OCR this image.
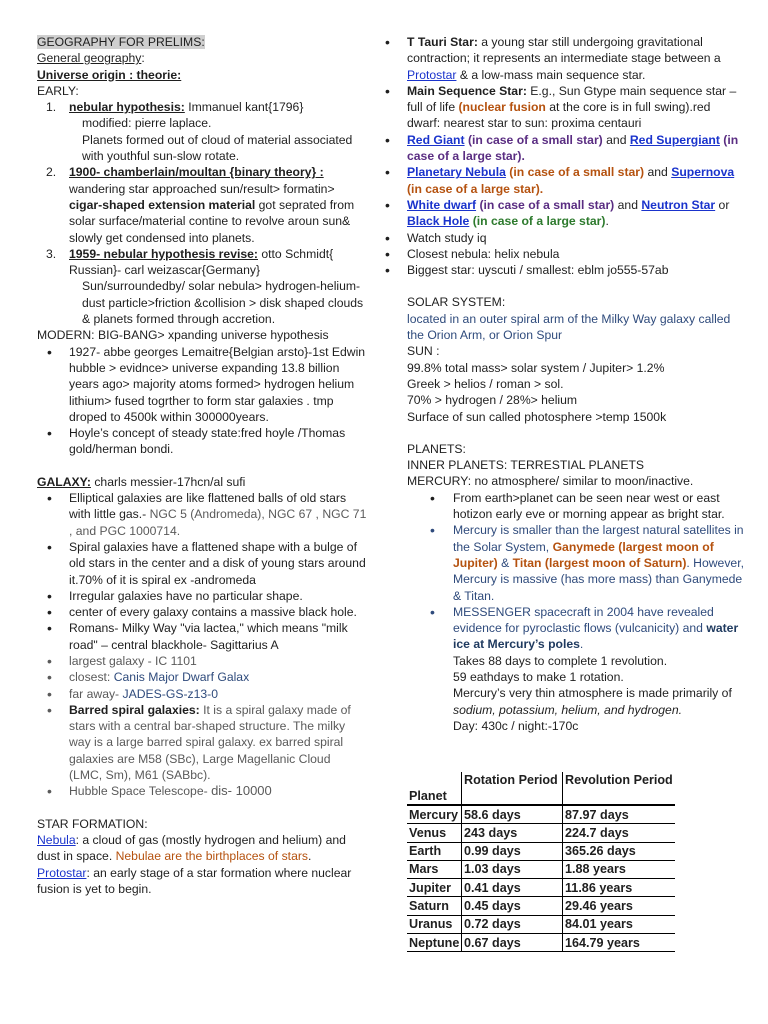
GEOGRAPHY FOR PRELIMS:

General geography:

Universe origin : theorie:

EARLY:

1. nebular hypothesis: Immanuel kant{1796}

modified: pierre laplace.

Planets formed out of cloud of material associated with youthful sun-slow rotate.

2. 1900- chamberlain/moultan {binary theory} : wandering star approached sun/result> formatin> cigar-shaped extension material got seprated from solar surface/material contine to revolve aroun sun& slowly get condensed into planets.
3. 1959- nebular hypothesis revise: otto Schmidt{ Russian}- carl weizascar{Germany}

Sun/surroundedby/ solar nebula> hydrogen-helium-dust particle>friction &collision > disk shaped clouds & planets formed through accretion.

MODERN: BIG-BANG> xpanding universe hypothesis

• 1927- abbe georges Lemaitre{Belgian arsto}-1st Edwin hubble > evidnce> universe expanding 13.8 billion years ago> majority atoms formed> hydrogen helium lithium> fused togrther to form star galaxies . tmp droped to 4500k within 300000years.
• Hoyle’s concept of steady state:fred hoyle /Thomas gold/herman bondi.

GALAXY: charls messier-17hcn/al sufi

• Elliptical galaxies are like flattened balls of old stars with little gas.- NGC 5 (Andromeda), NGC 67 , NGC 71 , and PGC 1000714.
• Spiral galaxies have a flattened shape with a bulge of old stars in the center and a disk of young stars around it.70% of it is spiral ex -andromeda
• Irregular galaxies have no particular shape.
• center of every galaxy contains a massive black hole.
• Romans- Milky Way "via lactea," which means "milk road" – central blackhole- Sagittarius A
• largest galaxy - IC 1101
• closest: Canis Major Dwarf Galax
• far away- JADES-GS-z13-0
• Barred spiral galaxies: It is a spiral galaxy made of stars with a central bar-shaped structure. The milky way is a large barred spiral galaxy. ex barred spiral galaxies are M58 (SBc), Large Magellanic Cloud (LMC, Sm), M61 (SABbc).
• Hubble Space Telescope- dis- 10000

STAR FORMATION:

Nebula: a cloud of gas (mostly hydrogen and helium) and dust in space. Nebulae are the birthplaces of stars.

Protostar: an early stage of a star formation where nuclear fusion is yet to begin.

• T Tauri Star: a young star still undergoing gravitational contraction; it represents an intermediate stage between a Protostar & a low-mass main sequence star.
• Main Sequence Star: E.g., Sun Gtype main sequence star – full of life (nuclear fusion at the core is in full swing).red dwarf: nearest star to sun: proxima centauri
• Red Giant (in case of a small star) and Red Supergiant (in case of a large star).
• Planetary Nebula (in case of a small star) and Supernova (in case of a large star).
• White dwarf (in case of a small star) and Neutron Star or Black Hole (in case of a large star).
• Watch study iq
• Closest nebula: helix nebula
• Biggest star: uyscuti / smallest: eblm jo555-57ab

SOLAR SYSTEM:

located in an outer spiral arm of the Milky Way galaxy called the Orion Arm, or Orion Spur

SUN :

99.8% total mass> solar system / Jupiter> 1.2%

Greek > helios / roman > sol.

70% > hydrogen / 28%> helium

Surface of sun called photosphere >temp 1500k

PLANETS:

INNER PLANETS: TERRESTIAL PLANETS

MERCURY: no atmosphere/ similar to moon/inactive.

• From earth>planet can be seen near west or east hotizon early eve or morning appear as bright star.
• Mercury is smaller than the largest natural satellites in the Solar System, Ganymede (largest moon of Jupiter) & Titan (largest moon of Saturn). However, Mercury is massive (has more mass) than Ganymede & Titan.
• MESSENGER spacecraft in 2004 have revealed evidence for pyroclastic flows (vulcanicity) and water ice at Mercury’s poles.

Takes 88 days to complete 1 revolution.

59 eathdays to make 1 rotation.

Mercury’s very thin atmosphere is made primarily of sodium, potassium, helium, and hydrogen.

Day: 430c / night:-170c

Planet	Rotation Period	Revolution Period
Mercury	58.6 days	87.97 days
Venus	243 days	224.7 days
Earth	0.99 days	365.26 days
Mars	1.03 days	1.88 years
Jupiter	0.41 days	11.86 years
Saturn	0.45 days	29.46 years
Uranus	0.72 days	84.01 years
Neptune	0.67 days	164.79 years
